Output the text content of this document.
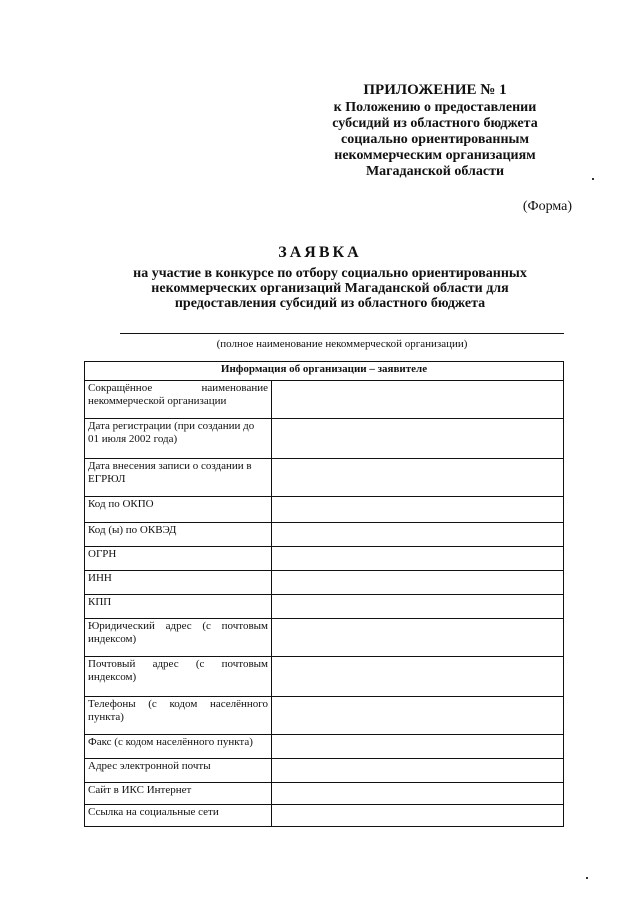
ПРИЛОЖЕНИЕ № 1
к Положению о предоставлении
субсидий из областного бюджета
социально ориентированным
некоммерческим организациям
Магаданской области
(Форма)
ЗАЯВКА
на участие в конкурсе по отбору социально ориентированных
некоммерческих организаций Магаданской области для
предоставления субсидий из областного бюджета
(полное наименование некоммерческой организации)
Информация об организации – заявителе	
Сокращённое наименование некоммерческой организации	
Дата регистрации (при создании до 01 июля 2002 года)	
Дата внесения записи о создании в ЕГРЮЛ	
Код по ОКПО	
Код (ы) по ОКВЭД	
ОГРН	
ИНН	
КПП	
Юридический адрес (с почтовым индексом)	
Почтовый адрес (с почтовым индексом)	
Телефоны (с кодом населённого пункта)	
Факс (с кодом населённого пункта)	
Адрес электронной почты	
Сайт в ИКС Интернет	
Ссылка на социальные сети	
